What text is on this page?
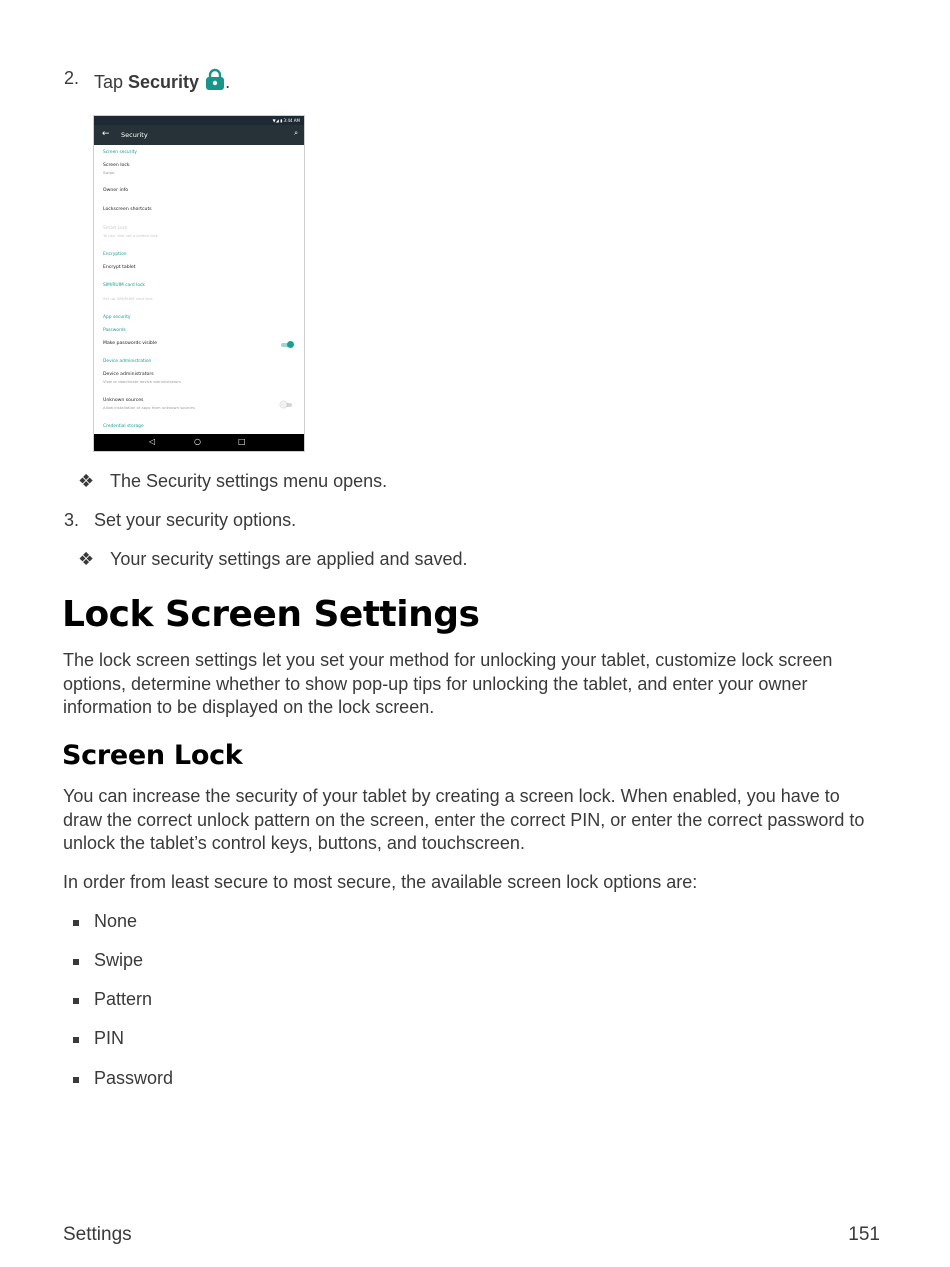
2. Tap Security .
▼◢ ▮ 3:44 AM
← Security	⌕
Screen security
Screen lock
Swipe
Owner info
Lockscreen shortcuts
Smart Lock
To use, first set a screen lock
Encryption
Encrypt tablet
SIM/RUIM card lock
Set up SIM/RUIM card lock
App security
Passwords
Make passwords visible
Device administration
Device administrators
View or deactivate device administrators
Unknown sources
Allow installation of apps from unknown sources
Credential storage
◁	○	□
❖ The Security settings menu opens.
3. Set your security options.
❖ Your security settings are applied and saved.
Lock Screen Settings

The lock screen settings let you set your method for unlocking your tablet, customize lock screen options, determine whether to show pop-up tips for unlocking the tablet, and enter your owner information to be displayed on the lock screen.

Screen Lock

You can increase the security of your tablet by creating a screen lock. When enabled, you have to draw the correct unlock pattern on the screen, enter the correct PIN, or enter the correct password to unlock the tablet’s control keys, buttons, and touchscreen.

In order from least secure to most secure, the available screen lock options are:

None
Swipe
Pattern
PIN
Password
Settings	151
